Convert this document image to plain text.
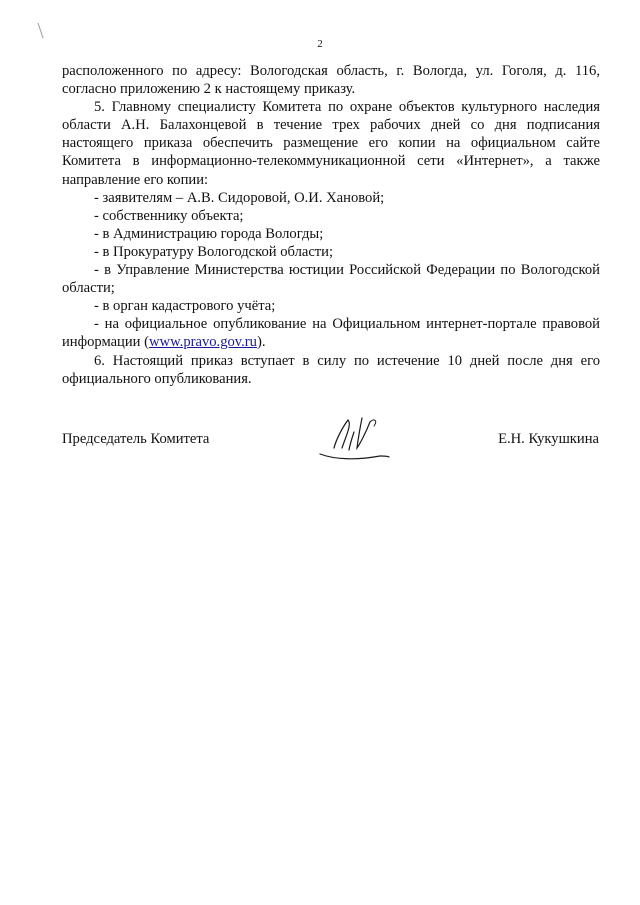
2

расположенного по адресу: Вологодская область, г. Вологда, ул. Гоголя, д. 116, согласно приложению 2 к настоящему приказу.

5. Главному специалисту Комитета по охране объектов культурного наследия области А.Н. Балахонцевой в течение трех рабочих дней со дня подписания настоящего приказа обеспечить размещение его копии на официальном сайте Комитета в информационно-телекоммуникационной сети «Интернет», а также направление его копии:

- заявителям – А.В. Сидоровой, О.И. Хановой;

- собственнику объекта;

- в Администрацию города Вологды;

- в Прокуратуру Вологодской области;

- в Управление Министерства юстиции Российской Федерации по Вологодской области;

- в орган кадастрового учёта;

- на официальное опубликование на Официальном интернет-портале правовой информации (www.pravo.gov.ru).

6. Настоящий приказ вступает в силу по истечение 10 дней после дня его официального опубликования.

Председатель Комитета	Е.Н. Кукушкина
